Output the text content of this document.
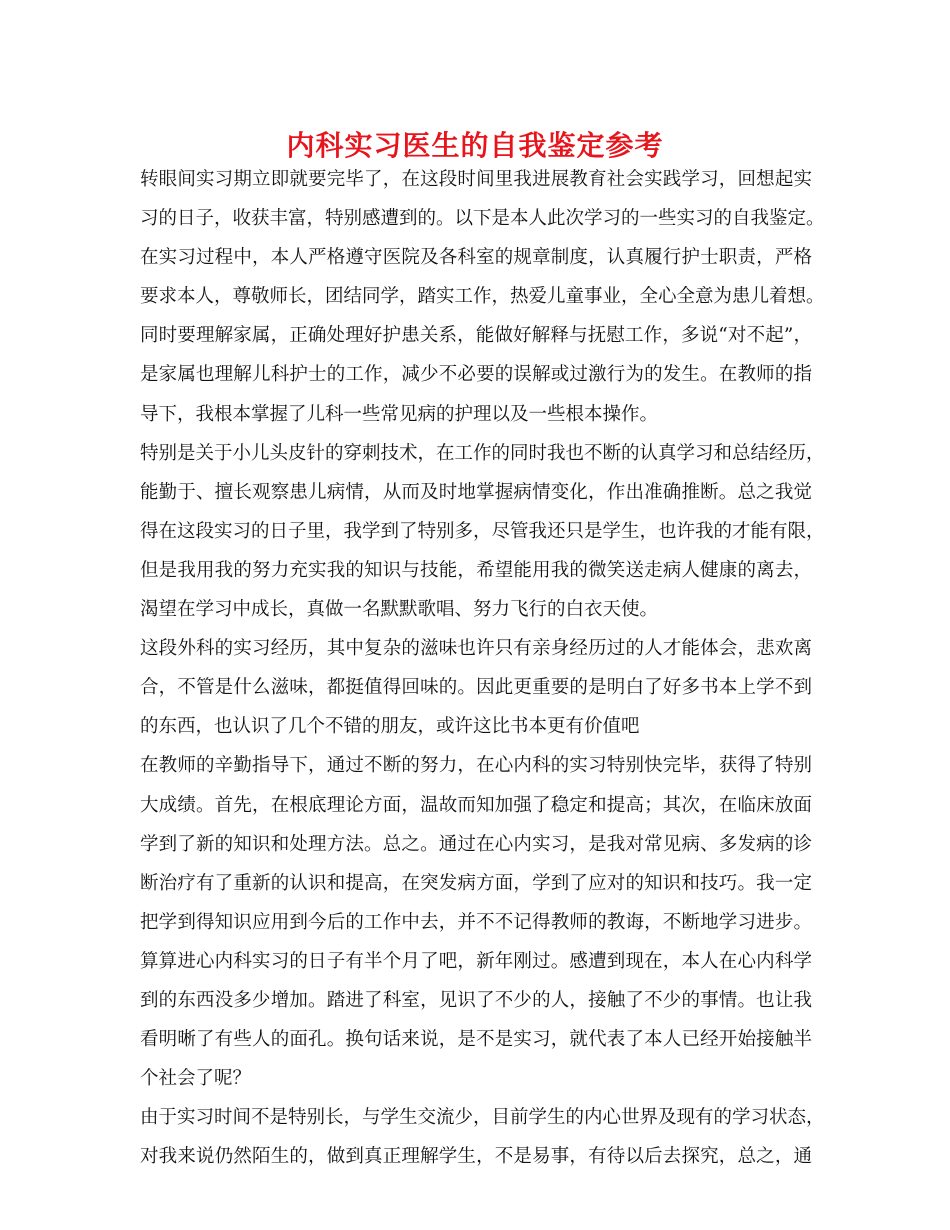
内科实习医生的自我鉴定参考
转眼间实习期立即就要完毕了，在这段时间里我进展教育社会实践学习，回想起实
习的日子，收获丰富，特别感遭到的。以下是本人此次学习的一些实习的自我鉴定。
在实习过程中，本人严格遵守医院及各科室的规章制度，认真履行护士职责，严格
要求本人，尊敬师长，团结同学，踏实工作，热爱儿童事业，全心全意为患儿着想。
同时要理解家属，正确处理好护患关系，能做好解释与抚慰工作，多说“对不起”，
是家属也理解儿科护士的工作，减少不必要的误解或过激行为的发生。在教师的指
导下，我根本掌握了儿科一些常见病的护理以及一些根本操作。
特别是关于小儿头皮针的穿刺技术，在工作的同时我也不断的认真学习和总结经历，
能勤于、擅长观察患儿病情，从而及时地掌握病情变化，作出准确推断。总之我觉
得在这段实习的日子里，我学到了特别多，尽管我还只是学生，也许我的才能有限，
但是我用我的努力充实我的知识与技能，希望能用我的微笑送走病人健康的离去，
渴望在学习中成长，真做一名默默歌唱、努力飞行的白衣天使。
这段外科的实习经历，其中复杂的滋味也许只有亲身经历过的人才能体会，悲欢离
合，不管是什么滋味，都挺值得回味的。因此更重要的是明白了好多书本上学不到
的东西，也认识了几个不错的朋友，或许这比书本更有价值吧
在教师的辛勤指导下，通过不断的努力，在心内科的实习特别快完毕，获得了特别
大成绩。首先，在根底理论方面，温故而知加强了稳定和提高；其次，在临床放面
学到了新的知识和处理方法。总之。通过在心内实习，是我对常见病、多发病的诊
断治疗有了重新的认识和提高，在突发病方面，学到了应对的知识和技巧。我一定
把学到得知识应用到今后的工作中去，并不不记得教师的教诲，不断地学习进步。
算算进心内科实习的日子有半个月了吧，新年刚过。感遭到现在，本人在心内科学
到的东西没多少增加。踏进了科室，见识了不少的人，接触了不少的事情。也让我
看明晰了有些人的面孔。换句话来说，是不是实习，就代表了本人已经开始接触半
个社会了呢？
由于实习时间不是特别长，与学生交流少，目前学生的内心世界及现有的学习状态，
对我来说仍然陌生的，做到真正理解学生，不是易事，有待以后去探究，总之，通
